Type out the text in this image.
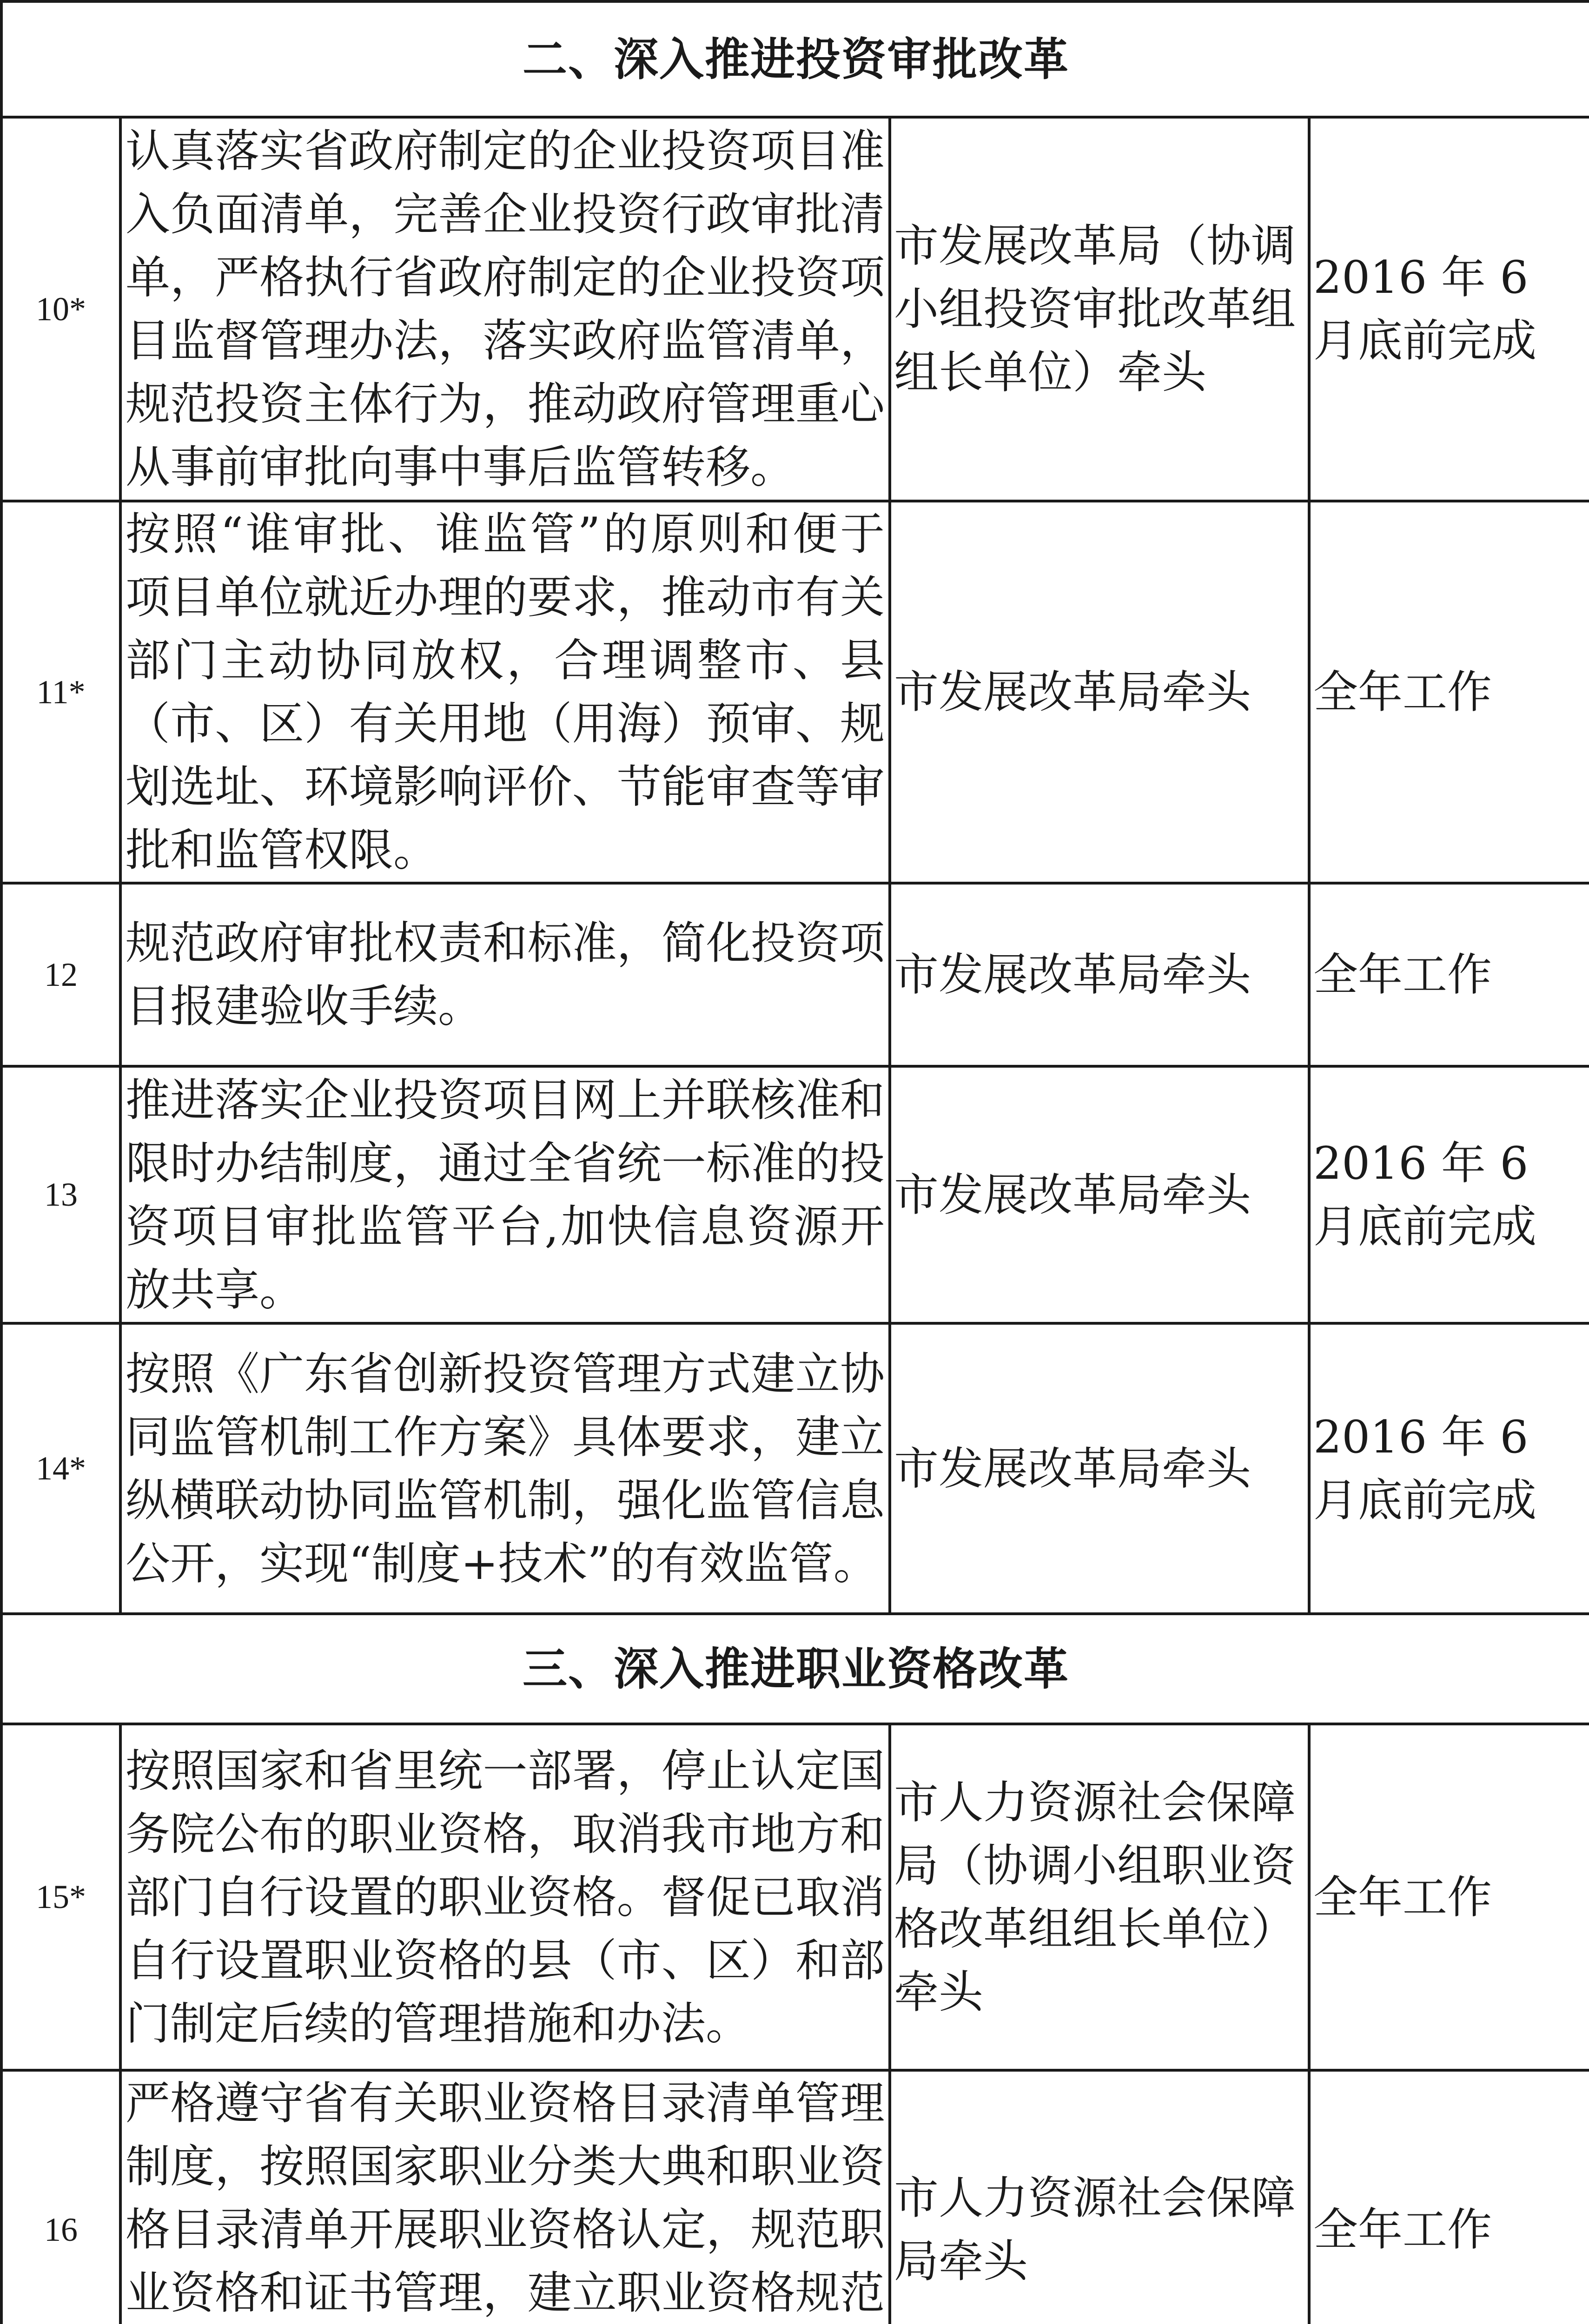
二、深入推进投资审批改革			
10*	认真落实省政府制定的企业投资项目准入负面清单，完善企业投资行政审批清单，严格执行省政府制定的企业投资项目监督管理办法，落实政府监管清单，规范投资主体行为，推动政府管理重心从事前审批向事中事后监管转移。	市发展改革局（协调小组投资审批改革组组长单位）牵头	2016 年 6 月底前完成
11*	按照“谁审批、谁监管”的原则和便于项目单位就近办理的要求，推动市有关部门主动协同放权，合理调整市、县（市、区）有关用地（用海）预审、规划选址、环境影响评价、节能审查等审批和监管权限。	市发展改革局牵头	全年工作
12	规范政府审批权责和标准，简化投资项目报建验收手续。	市发展改革局牵头	全年工作
13	推进落实企业投资项目网上并联核准和限时办结制度，通过全省统一标准的投资项目审批监管平台,加快信息资源开放共享。	市发展改革局牵头	2016 年 6 月底前完成
14*	按照《广东省创新投资管理方式建立协同监管机制工作方案》具体要求，建立纵横联动协同监管机制，强化监管信息公开，实现“制度+技术”的有效监管。	市发展改革局牵头	2016 年 6 月底前完成
三、深入推进职业资格改革			
15*	按照国家和省里统一部署，停止认定国务院公布的职业资格，取消我市地方和部门自行设置的职业资格。督促已取消自行设置职业资格的县（市、区）和部门制定后续的管理措施和办法。	市人力资源社会保障局（协调小组职业资格改革组组长单位）牵头	全年工作
16	严格遵守省有关职业资格目录清单管理制度，按照国家职业分类大典和职业资格目录清单开展职业资格认定，规范职业资格和证书管理，建立职业资格规范	市人力资源社会保障局牵头	全年工作
